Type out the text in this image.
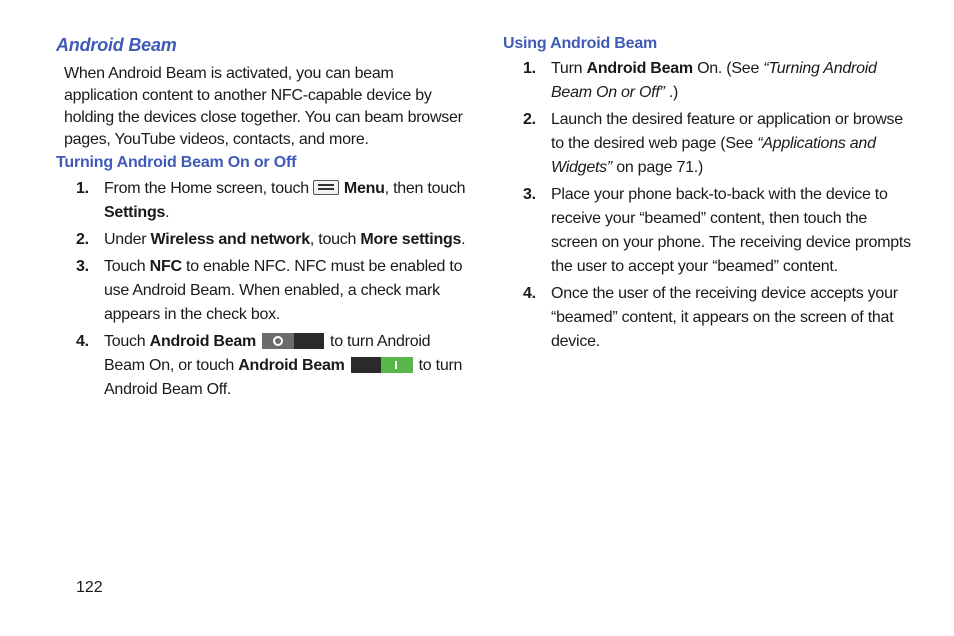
Android Beam

When Android Beam is activated, you can beam application content to another NFC-capable device by holding the devices close together. You can beam browser pages, YouTube videos, contacts, and more.

Turning Android Beam On or Off
1. From the Home screen, touch Menu, then touch
Settings.
2. Under Wireless and network, touch More settings.
3. Touch NFC to enable NFC. NFC must be enabled to use Android Beam. When enabled, a check mark appears in the check box.
4. Touch Android Beam	to turn Android Beam On, or touch Android Beam	to turn Android Beam Off.
Using Android Beam
1. Turn Android Beam On. (See “Turning Android Beam On or Off” .)
2. Launch the desired feature or application or browse to the desired web page (See “Applications and Widgets” on page 71.)
3. Place your phone back-to-back with the device to receive your “beamed” content, then touch the screen on your phone. The receiving device prompts the user to accept your “beamed” content.
4. Once the user of the receiving device accepts your “beamed” content, it appears on the screen of that device.
122
